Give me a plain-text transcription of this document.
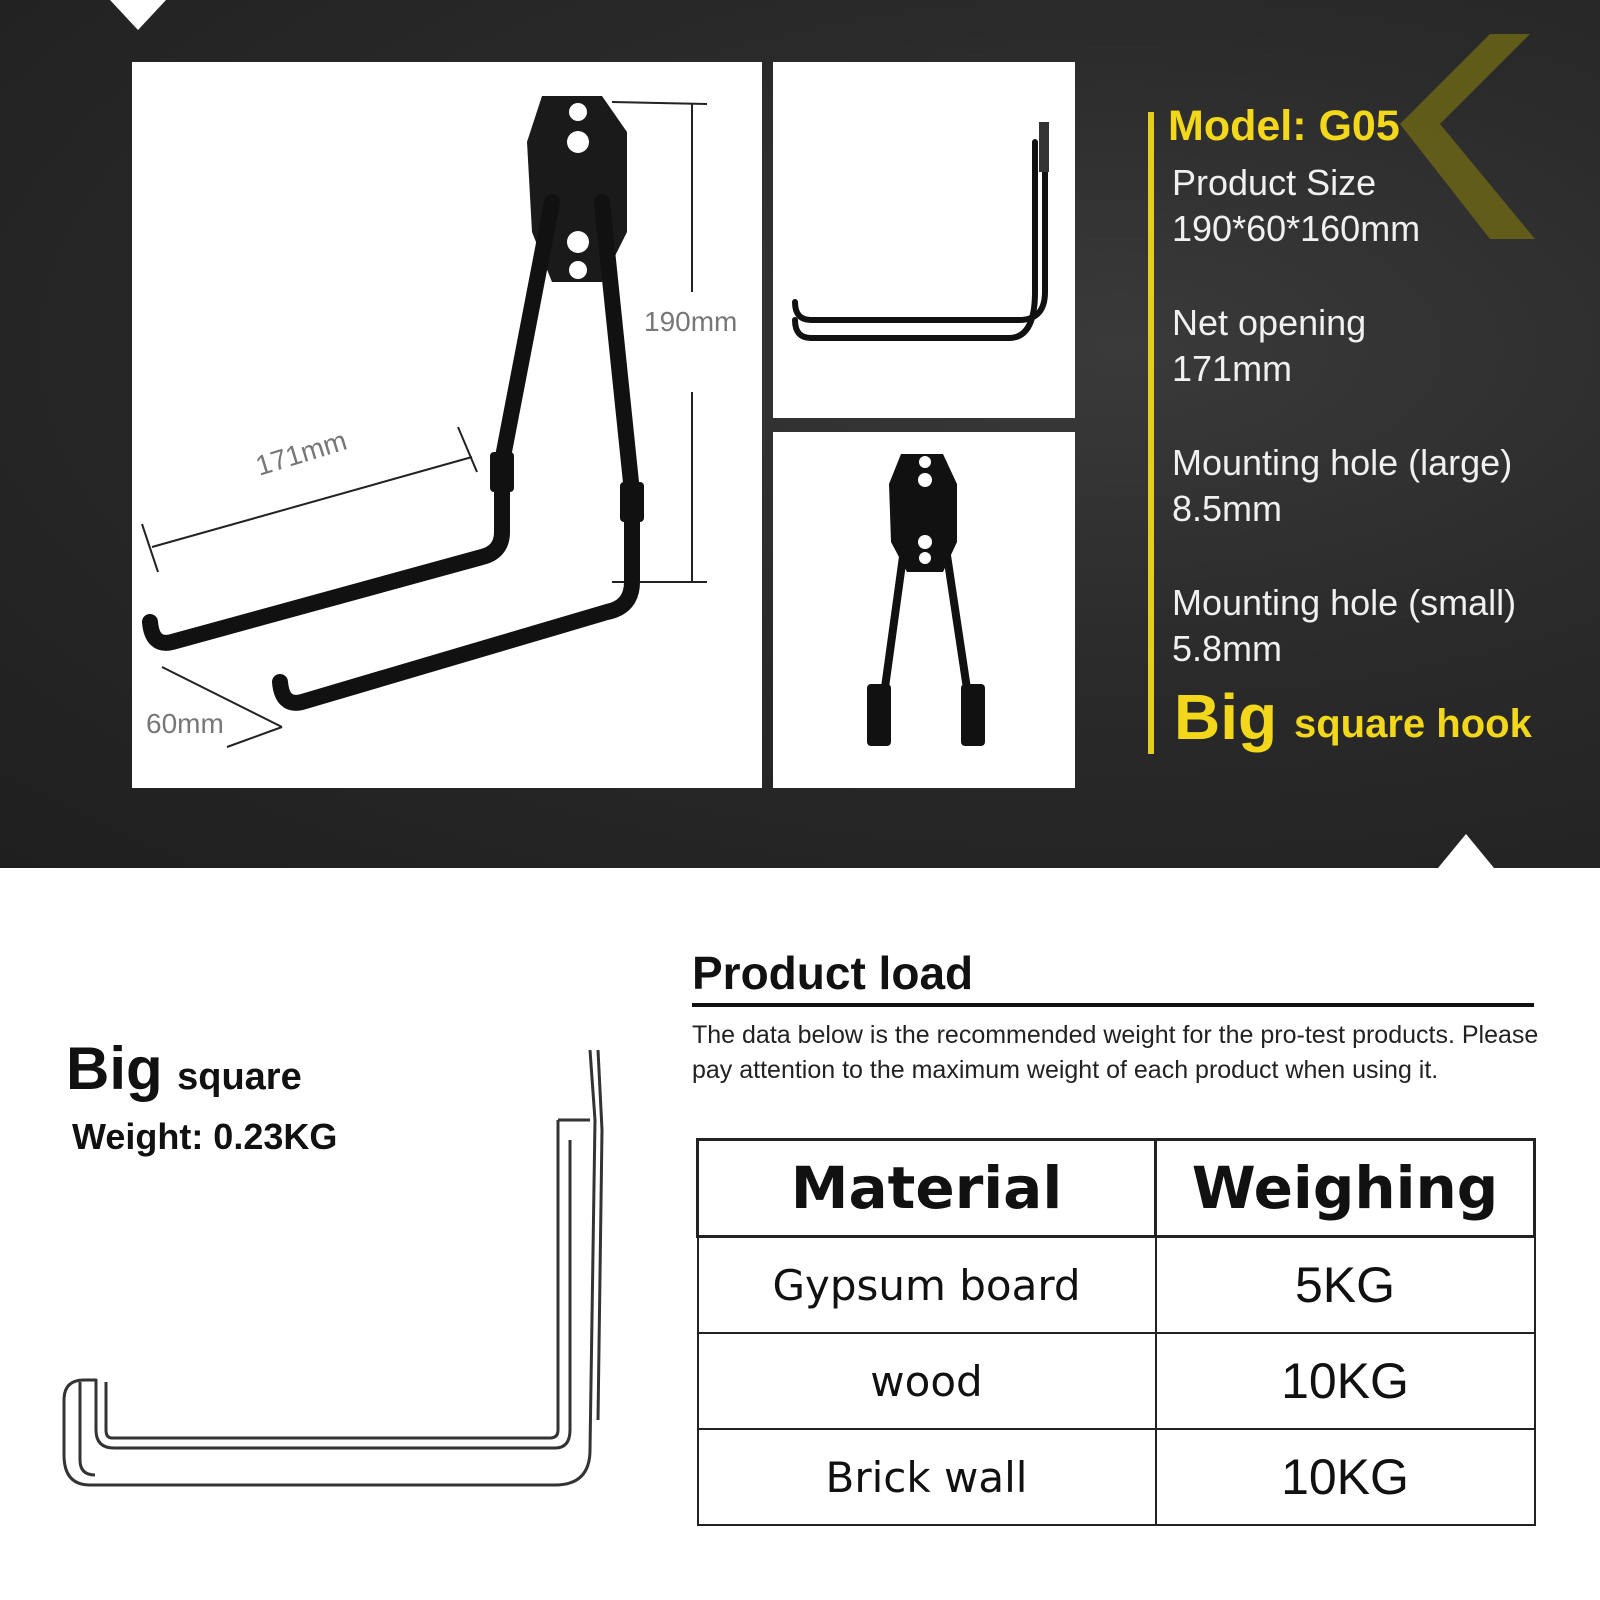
171mm
190mm
60mm
Model: G05
Product Size
190*60*160mm
Net opening
171mm
Mounting hole (large)
8.5mm
Mounting hole (small)
5.8mm
Big square hook
Big square
Weight: 0.23KG
Product load
The data below is the recommended weight for the pro-test products. Please pay attention to the maximum weight of each product when using it.
Material	Weighing
Gypsum board	5KG
wood	10KG
Brick wall	10KG
